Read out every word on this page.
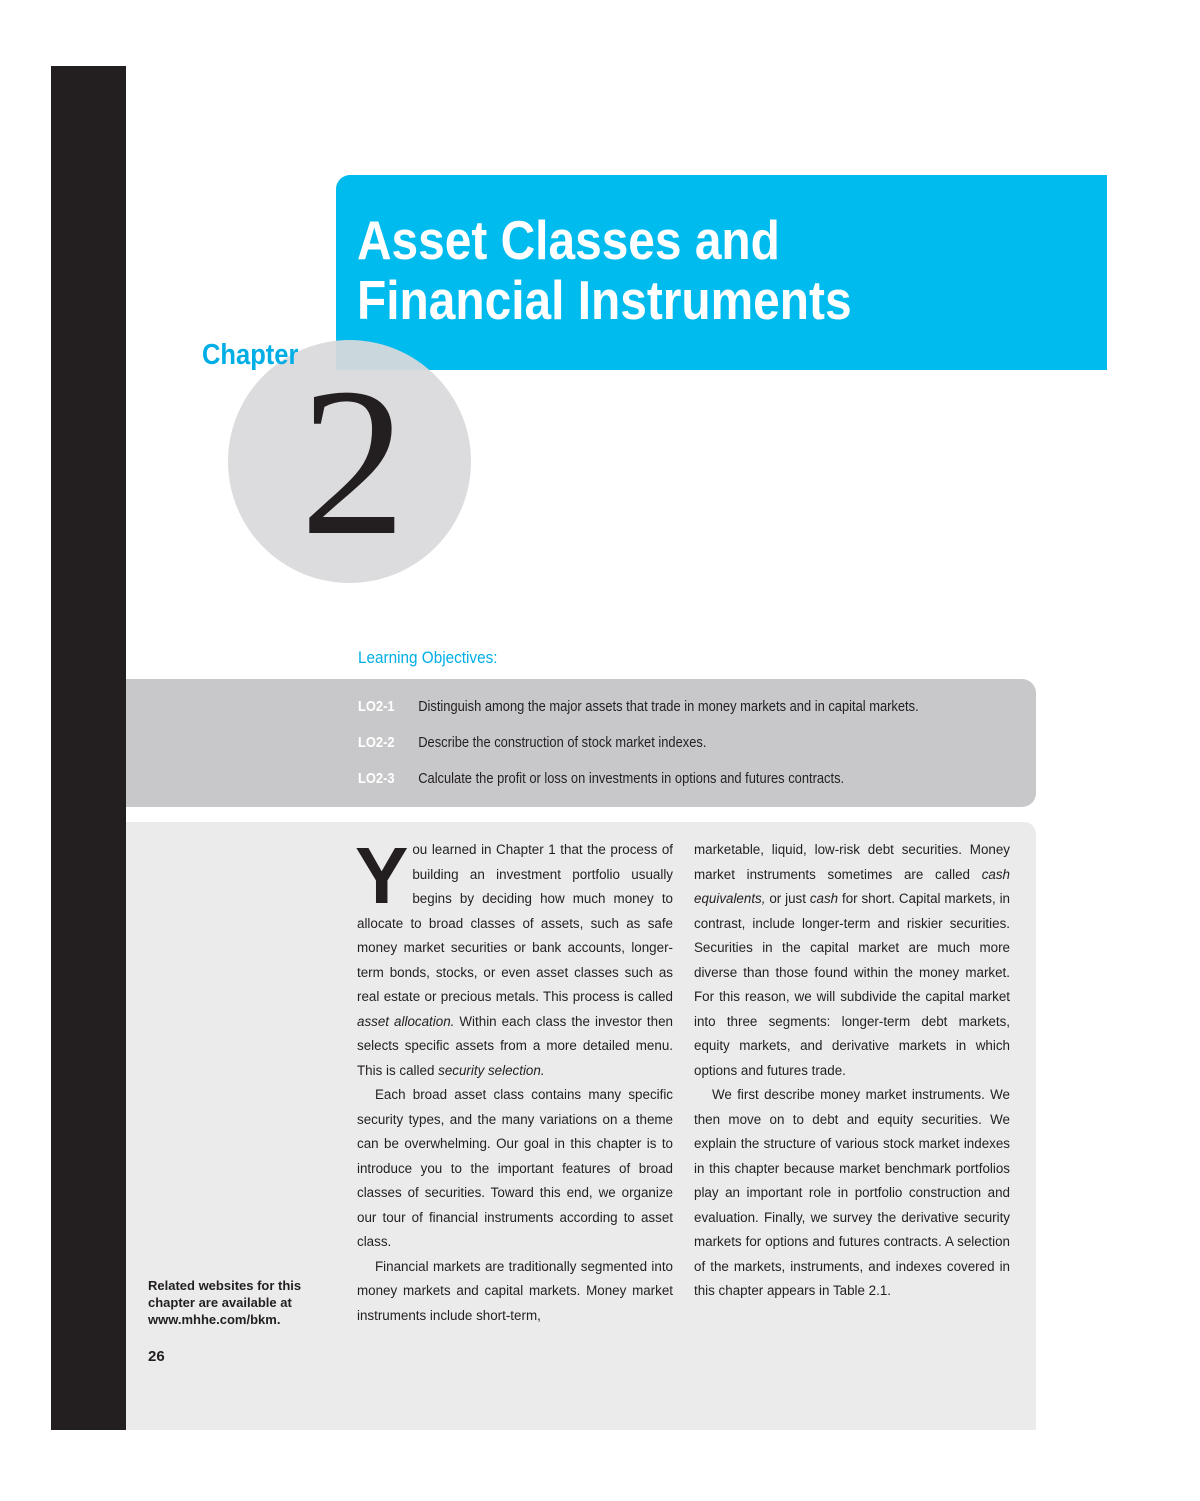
Asset Classes and
Financial Instruments
Chapter 2
Learning Objectives:
LO2-1 Distinguish among the major assets that trade in money markets and in capital markets.
LO2-2 Describe the construction of stock market indexes.
LO2-3 Calculate the profit or loss on investments in options and futures contracts.

You learned in Chapter 1 that the process of building an investment portfolio usually begins by deciding how much money to allocate to broad classes of assets, such as safe money market securities or bank accounts, longer-term bonds, stocks, or even asset classes such as real estate or precious metals. This process is called asset allocation. Within each class the investor then selects specific assets from a more detailed menu. This is called security selection.

Each broad asset class contains many specific security types, and the many variations on a theme can be overwhelming. Our goal in this chapter is to introduce you to the important features of broad classes of securities. Toward this end, we organize our tour of financial instruments according to asset class.

Financial markets are traditionally segmented into money markets and capital markets. Money market instruments include short-term,

marketable, liquid, low-risk debt securities. Money market instruments sometimes are called cash equivalents, or just cash for short. Capital markets, in contrast, include longer-term and riskier securities. Securities in the capital market are much more diverse than those found within the money market. For this reason, we will subdivide the capital market into three segments: longer-term debt markets, equity markets, and derivative markets in which options and futures trade.

We first describe money market instruments. We then move on to debt and equity securities. We explain the structure of various stock market indexes in this chapter because market benchmark portfolios play an important role in portfolio construction and evaluation. Finally, we survey the derivative security markets for options and futures contracts. A selection of the markets, instruments, and indexes covered in this chapter appears in Table 2.1.

Related websites for this chapter are available at www.mhhe.com/bkm.
26
